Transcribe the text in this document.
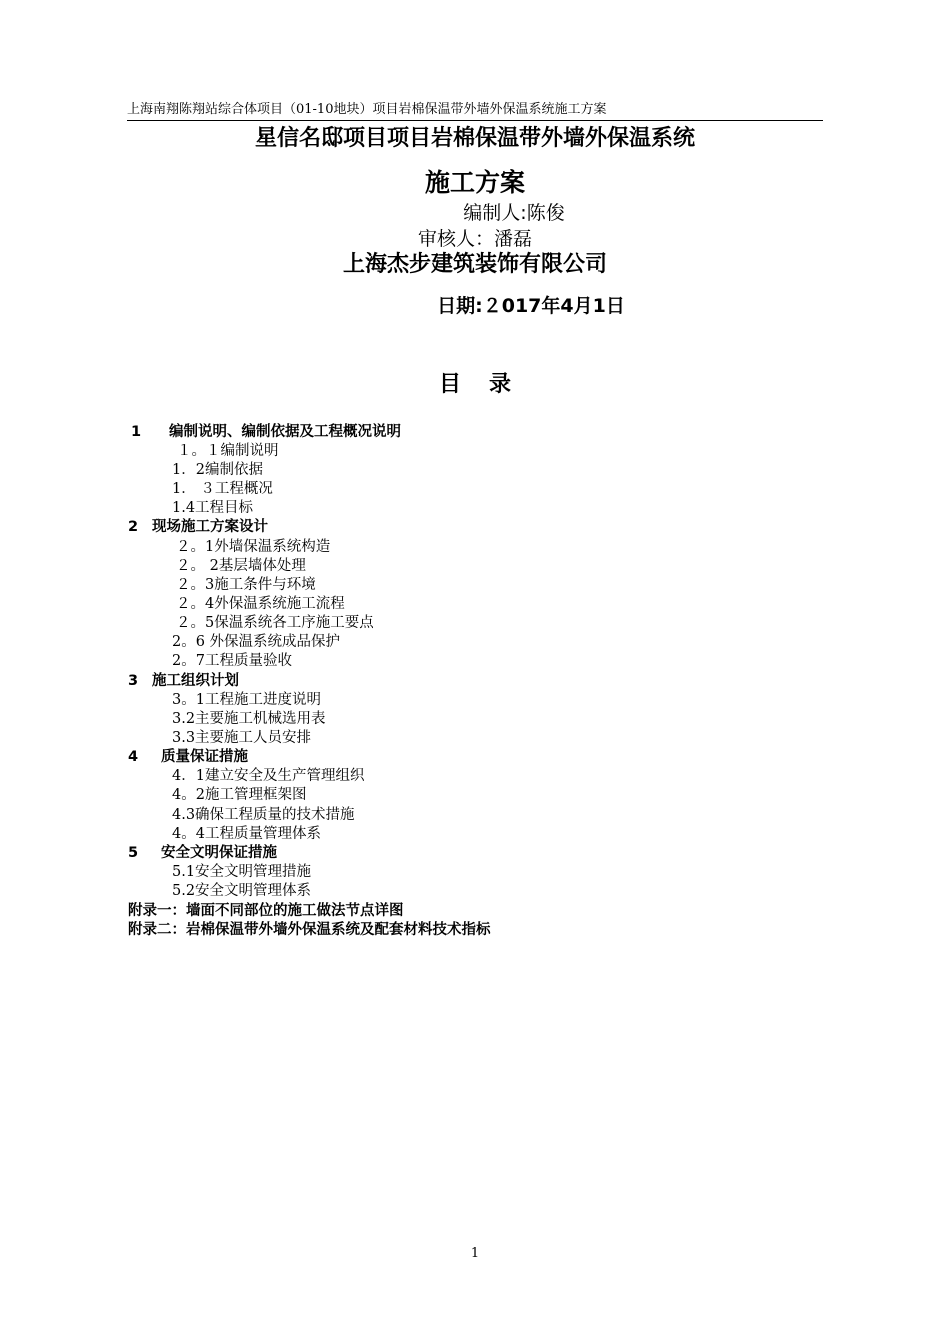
上海南翔陈翔站综合体项目（01-10地块）项目岩棉保温带外墙外保温系统施工方案
星信名邸项目项目岩棉保温带外墙外保温系统
施工方案
编制人:陈俊
审核人：潘磊
上海杰步建筑装饰有限公司
日期:２017年4月1日
目录
1 编制说明、编制依据及工程概况说明
１。１编制说明
1．2编制依据
1． ３工程概况
1.4工程目标
2 现场施工方案设计
２。1外墙保温系统构造
２。 2基层墙体处理
２。3施工条件与环境
２。4外保温系统施工流程
２。5保温系统各工序施工要点
2。6 外保温系统成品保护
2。7工程质量验收
3 施工组织计划
3。1工程施工进度说明
3.2主要施工机械选用表
3.3主要施工人员安排
4 质量保证措施
4．1建立安全及生产管理组织
4。2施工管理框架图
4.3确保工程质量的技术措施
4。4工程质量管理体系
5 安全文明保证措施
5.1安全文明管理措施
5.2安全文明管理体系
附录一：墙面不同部位的施工做法节点详图
附录二：岩棉保温带外墙外保温系统及配套材料技术指标
1
